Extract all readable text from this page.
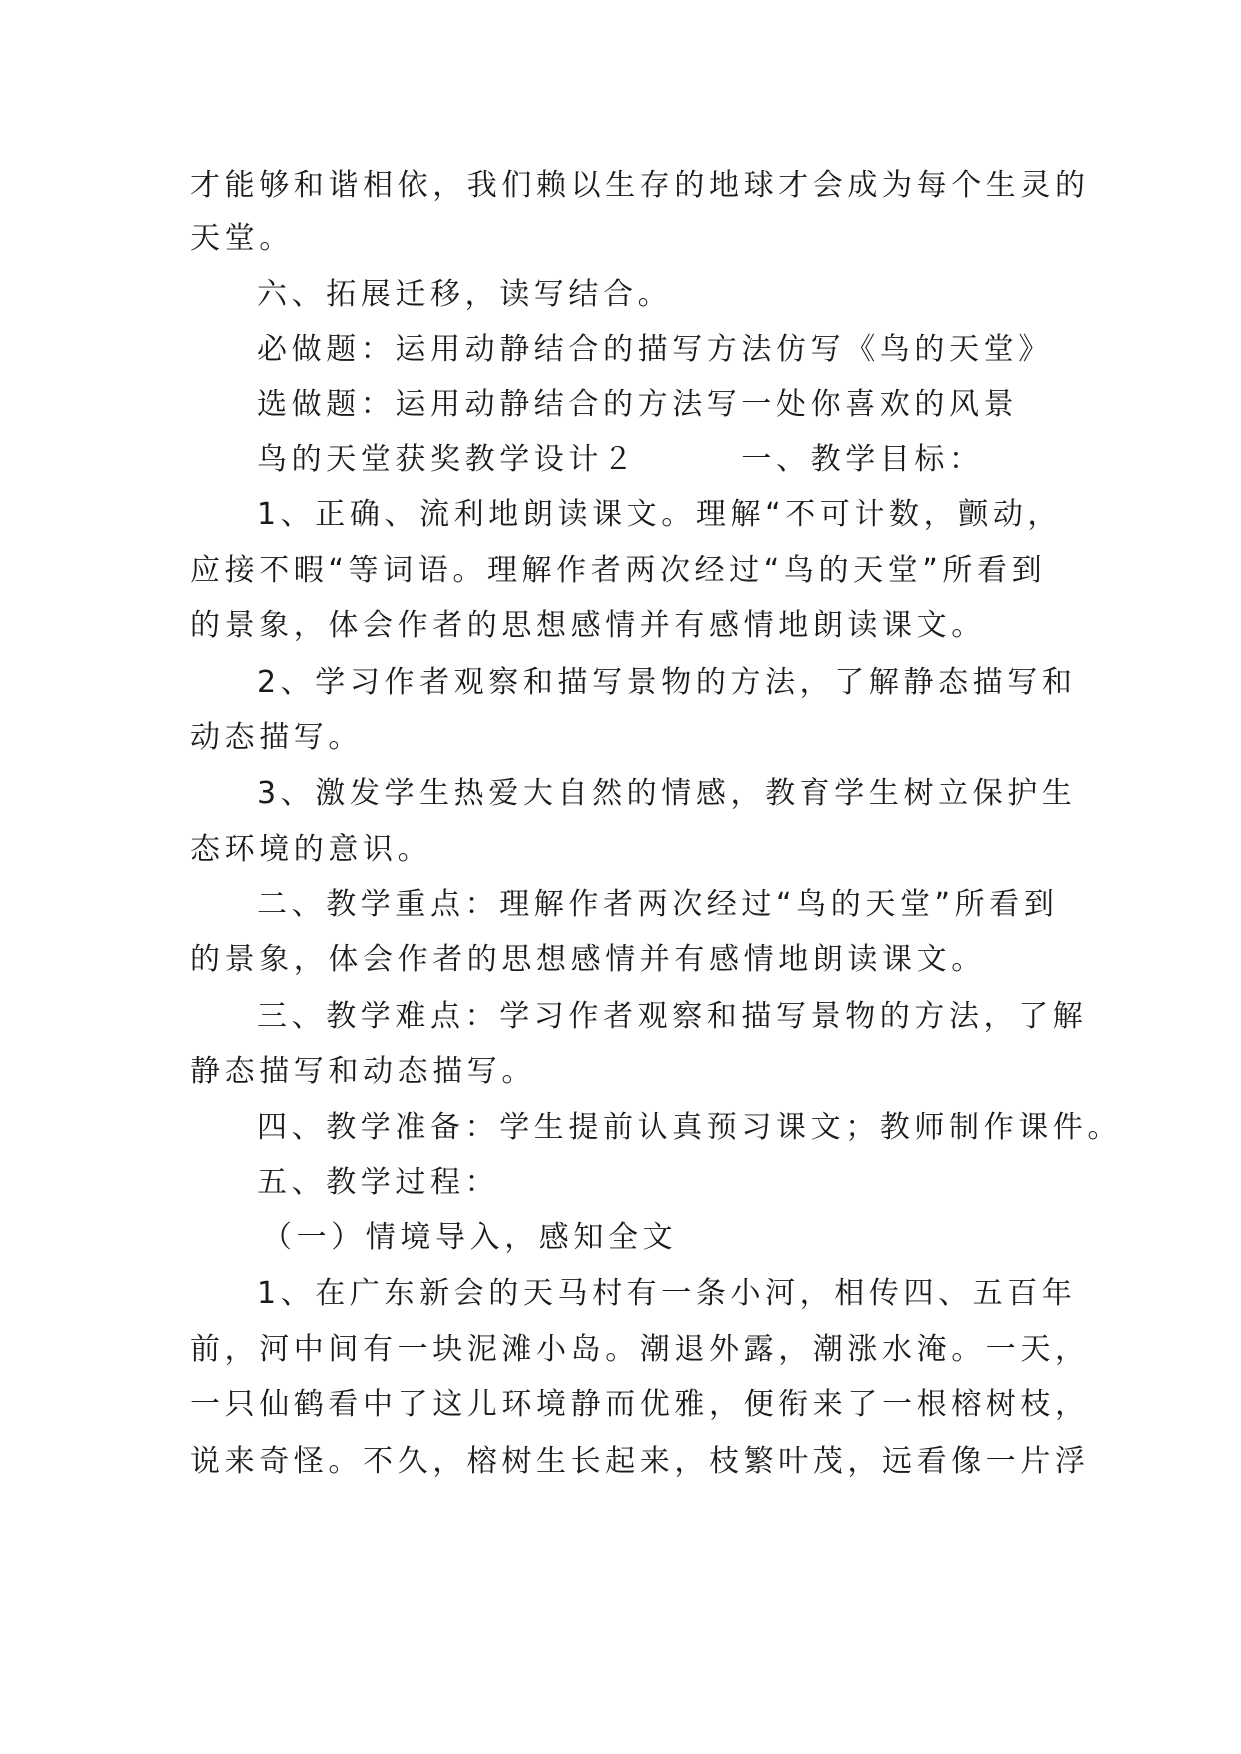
才能够和谐相依，我们赖以生存的地球才会成为每个生灵的
天堂。
六、拓展迁移，读写结合。
必做题：运用动静结合的描写方法仿写《鸟的天堂》
选做题：运用动静结合的方法写一处你喜欢的风景
鸟的天堂获奖教学设计２　　　一、教学目标：
1、正确、流利地朗读课文。理解“不可计数，颤动，
应接不暇“等词语。理解作者两次经过“鸟的天堂”所看到
的景象，体会作者的思想感情并有感情地朗读课文。
2、学习作者观察和描写景物的方法，了解静态描写和
动态描写。
3、激发学生热爱大自然的情感，教育学生树立保护生
态环境的意识。
二、教学重点：理解作者两次经过“鸟的天堂”所看到
的景象，体会作者的思想感情并有感情地朗读课文。
三、教学难点：学习作者观察和描写景物的方法，了解
静态描写和动态描写。
四、教学准备：学生提前认真预习课文；教师制作课件。
五、教学过程：
（一）情境导入，感知全文
1、在广东新会的天马村有一条小河，相传四、五百年
前，河中间有一块泥滩小岛。潮退外露，潮涨水淹。一天，
一只仙鹤看中了这儿环境静而优雅，便衔来了一根榕树枝，
说来奇怪。不久，榕树生长起来，枝繁叶茂，远看像一片浮
